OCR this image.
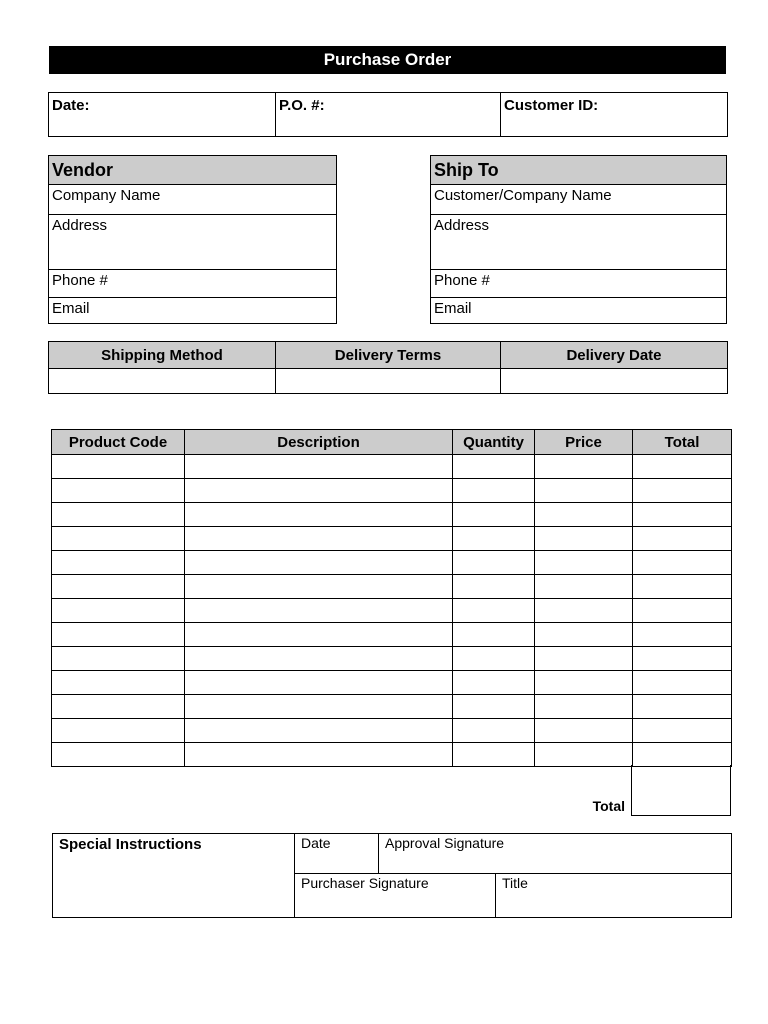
Purchase Order
Date:	P.O. #:	Customer ID:
Vendor
Company Name
Address
Phone #
Email
Ship To
Customer/Company Name
Address
Phone #
Email
Shipping Method	Delivery Terms	Delivery Date

Product Code	Description	Quantity	Price	Total

Total
Special Instructions	Date	Approval Signature	
	Purchaser Signature		Title
